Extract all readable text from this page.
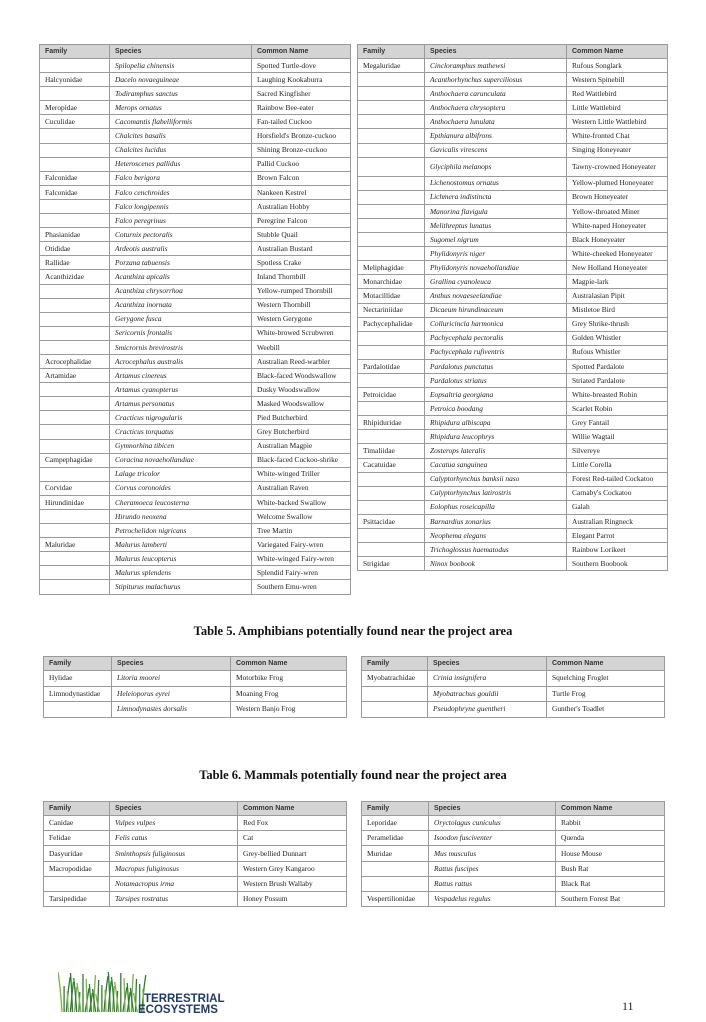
Family	Species	Common Name
	Spilopelia chinensis	Spotted Turtle-dove
Halcyonidae	Dacelo novaeguineae	Laughing Kookaburra
	Todiramphus sanctus	Sacred Kingfisher
Meropidae	Merops ornatus	Rainbow Bee-eater
Cuculidae	Cacomantis flabelliformis	Fan-tailed Cuckoo
	Chalcites basalis	Horsfield's Bronze-cuckoo
	Chalcites lucidus	Shining Bronze-cuckoo
	Heteroscenes pallidus	Pallid Cuckoo
Falconidae	Falco berigora	Brown Falcon
Falconidae	Falco cenchroides	Nankeen Kestrel
	Falco longipennis	Australian Hobby
	Falco peregrinus	Peregrine Falcon
Phasianidae	Coturnix pectoralis	Stubble Quail
Otididae	Ardeotis australis	Australian Bustard
Rallidae	Porzana tabuensis	Spotless Crake
Acanthizidae	Acanthiza apicalis	Inland Thornbill
	Acanthiza chrysorrhoa	Yellow-rumped Thornbill
	Acanthiza inornata	Western Thornbill
	Gerygone fusca	Western Gerygone
	Sericornis frontalis	White-browed Scrubwren
	Smicrornis brevirostris	Weebill
Acrocephalidae	Acrocephalus australis	Australian Reed-warbler
Artamidae	Artamus cinereus	Black-faced Woodswallow
	Artamus cyanopterus	Dusky Woodswallow
	Artamus personatus	Masked Woodswallow
	Cracticus nigrogularis	Pied Butcherbird
	Cracticus torquatus	Grey Butcherbird
	Gymnorhina tibicen	Australian Magpie
Campephagidae	Coracina novaehollandiae	Black-faced Cuckoo-shrike
	Lalage tricolor	White-winged Triller
Corvidae	Corvus coronoides	Australian Raven
Hirundinidae	Cheramoeca leucosterna	White-backed Swallow
	Hirundo neoxena	Welcome Swallow
	Petrochelidon nigricans	Tree Martin
Maluridae	Malurus lamberti	Variegated Fairy-wren
	Malurus leucopterus	White-winged Fairy-wren
	Malurus splendens	Splendid Fairy-wren
	Stipiturus malachurus	Southern Emu-wren
Family	Species	Common Name
Megaluridae	Cincloramphus mathewsi	Rufous Songlark
	Acanthorhynchus superciliosus	Western Spinebill
	Anthochaera carunculata	Red Wattlebird
	Anthochaera chrysoptera	Little Wattlebird
	Anthochaera lunulata	Western Little Wattlebird
	Epthianura albifrons	White-fronted Chat
	Gavicalis virescens	Singing Honeyeater
	Glyciphila melanops	Tawny-crowned Honeyeater
	Lichenostomus ornatus	Yellow-plumed Honeyeater
	Lichmera indistincta	Brown Honeyeater
	Manorina flavigula	Yellow-throated Miner
	Melithreptus lunatus	White-naped Honeyeater
	Sugomel nigrum	Black Honeyeater
	Phylidonyris niger	White-cheeked Honeyeater
Meliphagidae	Phylidonyris novaehollandiae	New Holland Honeyeater
Monarchidae	Grallina cyanoleuca	Magpie-lark
Motacillidae	Anthus novaeseelandiae	Australasian Pipit
Nectariniidae	Dicaeum hirundinaceum	Mistletoe Bird
Pachycephalidae	Colluricincla harmonica	Grey Shrike-thrush
	Pachycephala pectoralis	Golden Whistler
	Pachycephala rufiventris	Rufous Whistler
Pardalotidae	Pardalotus punctatus	Spotted Pardalote
	Pardalotus striatus	Striated Pardalote
Petroicidae	Eopsaltria georgiana	White-breasted Robin
	Petroica boodang	Scarlet Robin
Rhipiduridae	Rhipidura albiscapa	Grey Fantail
	Rhipidura leucophrys	Willie Wagtail
Timaliidae	Zosterops lateralis	Silvereye
Cacatuidae	Cacatua sanguinea	Little Corella
	Calyptorhynchus banksii naso	Forest Red-tailed Cockatoo
	Calyptorhynchus latirostris	Carnaby's Cockatoo
	Eolophus roseicapilla	Galah
Psittacidae	Barnardius zonarius	Australian Ringneck
	Neophema elegans	Elegant Parrot
	Trichoglossus haematodus	Rainbow Lorikeet
Strigidae	Ninox boobook	Southern Boobook
Table 5. Amphibians potentially found near the project area
Family	Species	Common Name
Hylidae	Litoria moorei	Motorbike Frog
Limnodynastidae	Heleioporus eyrei	Moaning Frog
	Limnodynastes dorsalis	Western Banjo Frog
Family	Species	Common Name
Myobatrachidae	Crinia insignifera	Squelching Froglet
	Myobatrachus gouldii	Turtle Frog
	Pseudophryne guentheri	Gunther's Toadlet
Table 6. Mammals potentially found near the project area
Family	Species	Common Name
Canidae	Vulpes vulpes	Red Fox
Felidae	Felis catus	Cat
Dasyuridae	Sminthopsis fuliginosus	Grey-bellied Dunnart
Macropodidae	Macropus fuliginosus	Western Grey Kangaroo
	Notamacropus irma	Western Brush Wallaby
Tarsipedidae	Tarsipes rostratus	Honey Possum
Family	Species	Common Name
Leporidae	Oryctolagus cuniculus	Rabbit
Peramelidae	Isoodon fusciventer	Quenda
Muridae	Mus musculus	House Mouse
	Rattus fuscipes	Bush Rat
	Rattus rattus	Black Rat
Vespertilionidae	Vespadelus regulus	Southern Forest Bat
TERRESTRIAL
ECOSYSTEMS	11
